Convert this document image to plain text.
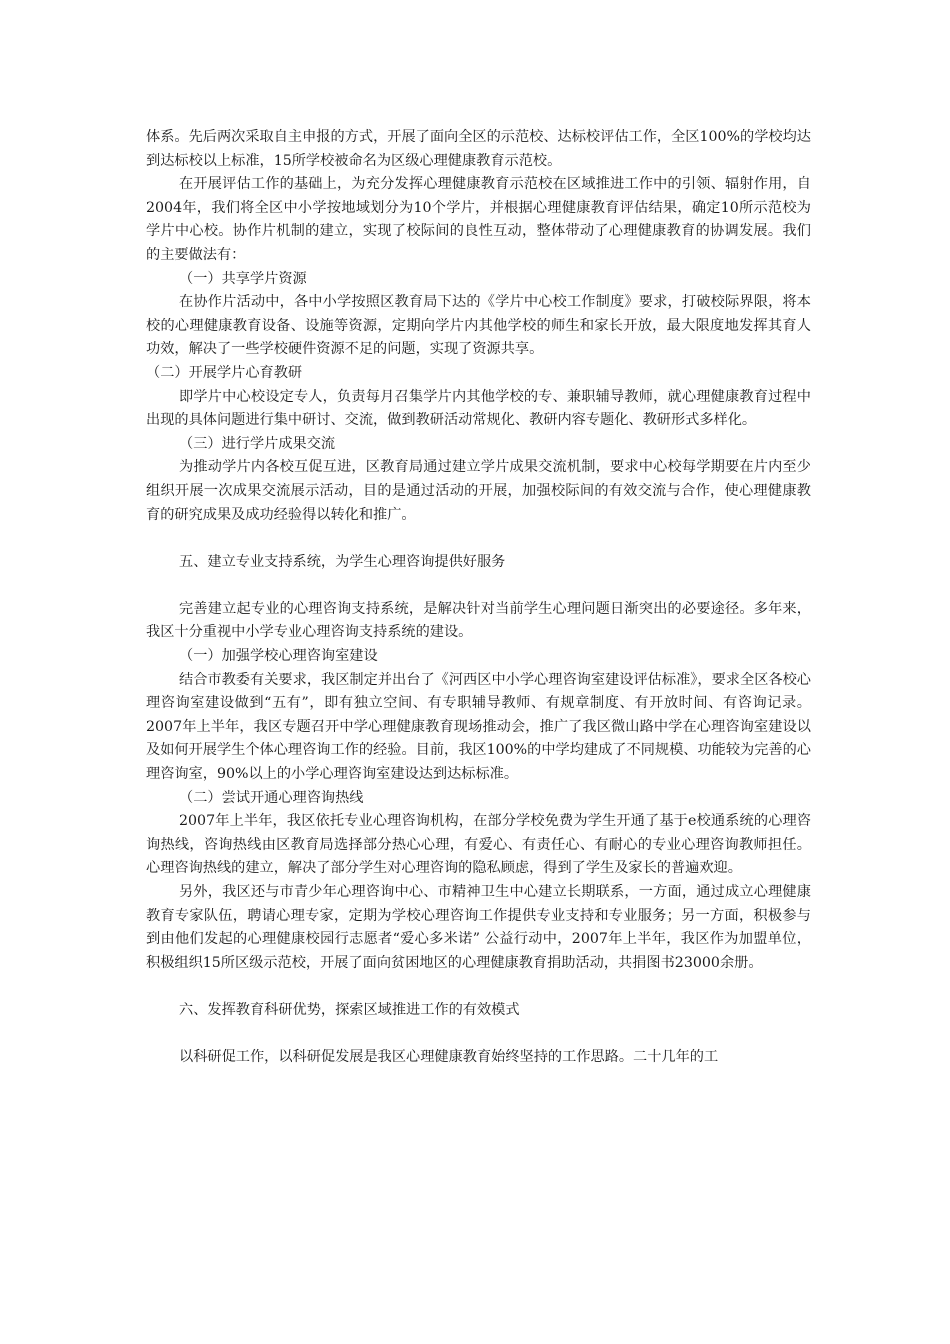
体系。先后两次采取自主申报的方式，开展了面向全区的示范校、达标校评估工作，全区100%的学校均达到达标校以上标准，15所学校被命名为区级心理健康教育示范校。

在开展评估工作的基础上，为充分发挥心理健康教育示范校在区域推进工作中的引领、辐射作用，自2004年，我们将全区中小学按地域划分为10个学片，并根据心理健康教育评估结果，确定10所示范校为学片中心校。协作片机制的建立，实现了校际间的良性互动，整体带动了心理健康教育的协调发展。我们的主要做法有：

（一）共享学片资源

在协作片活动中，各中小学按照区教育局下达的《学片中心校工作制度》要求，打破校际界限，将本校的心理健康教育设备、设施等资源，定期向学片内其他学校的师生和家长开放，最大限度地发挥其育人功效，解决了一些学校硬件资源不足的问题，实现了资源共享。

（二）开展学片心育教研

即学片中心校设定专人，负责每月召集学片内其他学校的专、兼职辅导教师，就心理健康教育过程中出现的具体问题进行集中研讨、交流，做到教研活动常规化、教研内容专题化、教研形式多样化。

（三）进行学片成果交流

为推动学片内各校互促互进，区教育局通过建立学片成果交流机制，要求中心校每学期要在片内至少组织开展一次成果交流展示活动，目的是通过活动的开展，加强校际间的有效交流与合作，使心理健康教育的研究成果及成功经验得以转化和推广。

五、建立专业支持系统，为学生心理咨询提供好服务

完善建立起专业的心理咨询支持系统，是解决针对当前学生心理问题日渐突出的必要途径。多年来，我区十分重视中小学专业心理咨询支持系统的建设。

（一）加强学校心理咨询室建设

结合市教委有关要求，我区制定并出台了《河西区中小学心理咨询室建设评估标准》，要求全区各校心理咨询室建设做到“五有”，即有独立空间、有专职辅导教师、有规章制度、有开放时间、有咨询记录。2007年上半年，我区专题召开中学心理健康教育现场推动会，推广了我区微山路中学在心理咨询室建设以及如何开展学生个体心理咨询工作的经验。目前，我区100%的中学均建成了不同规模、功能较为完善的心理咨询室，90%以上的小学心理咨询室建设达到达标标准。

（二）尝试开通心理咨询热线

2007年上半年，我区依托专业心理咨询机构，在部分学校免费为学生开通了基于e校通系统的心理咨询热线，咨询热线由区教育局选择部分热心心理，有爱心、有责任心、有耐心的专业心理咨询教师担任。心理咨询热线的建立，解决了部分学生对心理咨询的隐私顾虑，得到了学生及家长的普遍欢迎。

另外，我区还与市青少年心理咨询中心、市精神卫生中心建立长期联系，一方面，通过成立心理健康教育专家队伍，聘请心理专家，定期为学校心理咨询工作提供专业支持和专业服务；另一方面，积极参与到由他们发起的心理健康校园行志愿者“爱心多米诺” 公益行动中，2007年上半年，我区作为加盟单位，积极组织15所区级示范校，开展了面向贫困地区的心理健康教育捐助活动，共捐图书23000余册。

六、发挥教育科研优势，探索区域推进工作的有效模式

以科研促工作，以科研促发展是我区心理健康教育始终坚持的工作思路。二十几年的工
